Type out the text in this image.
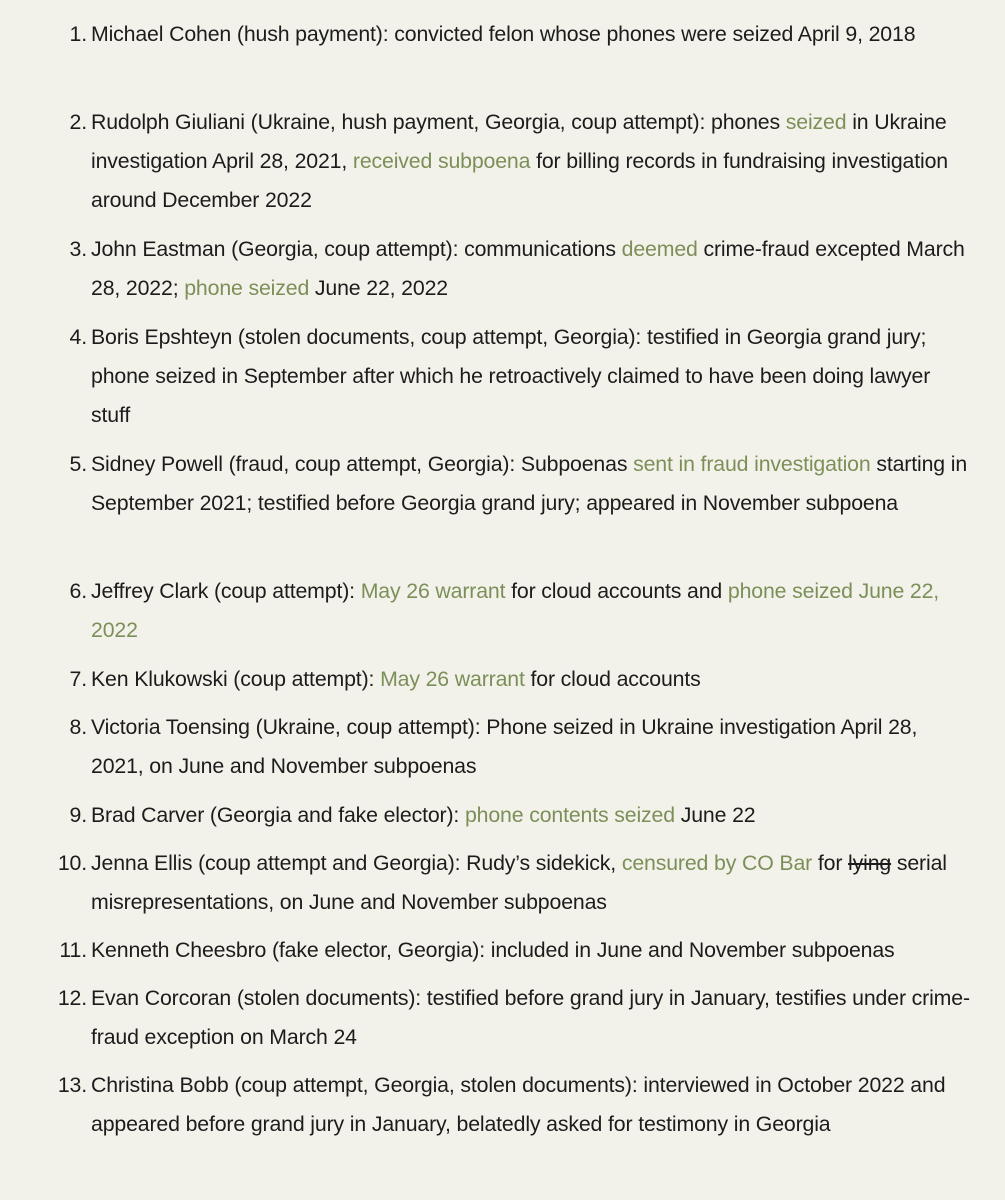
1. Michael Cohen (hush payment): convicted felon whose phones were seized April 9, 2018
2. Rudolph Giuliani (Ukraine, hush payment, Georgia, coup attempt): phones seized in Ukraine investigation April 28, 2021, received subpoena for billing records in fundraising investigation around December 2022
3. John Eastman (Georgia, coup attempt): communications deemed crime-fraud excepted March 28, 2022; phone seized June 22, 2022
4. Boris Epshteyn (stolen documents, coup attempt, Georgia): testified in Georgia grand jury; phone seized in September after which he retroactively claimed to have been doing lawyer stuff
5. Sidney Powell (fraud, coup attempt, Georgia): Subpoenas sent in fraud investigation starting in September 2021; testified before Georgia grand jury; appeared in November subpoena
6. Jeffrey Clark (coup attempt): May 26 warrant for cloud accounts and phone seized June 22, 2022
7. Ken Klukowski (coup attempt): May 26 warrant for cloud accounts
8. Victoria Toensing (Ukraine, coup attempt): Phone seized in Ukraine investigation April 28, 2021, on June and November subpoenas
9. Brad Carver (Georgia and fake elector): phone contents seized June 22
10. Jenna Ellis (coup attempt and Georgia): Rudy’s sidekick, censured by CO Bar for lying serial misrepresentations, on June and November subpoenas
11. Kenneth Cheesbro (fake elector, Georgia): included in June and November subpoenas
12. Evan Corcoran (stolen documents): testified before grand jury in January, testifies under crime-fraud exception on March 24
13. Christina Bobb (coup attempt, Georgia, stolen documents): interviewed in October 2022 and appeared before grand jury in January, belatedly asked for testimony in Georgia
